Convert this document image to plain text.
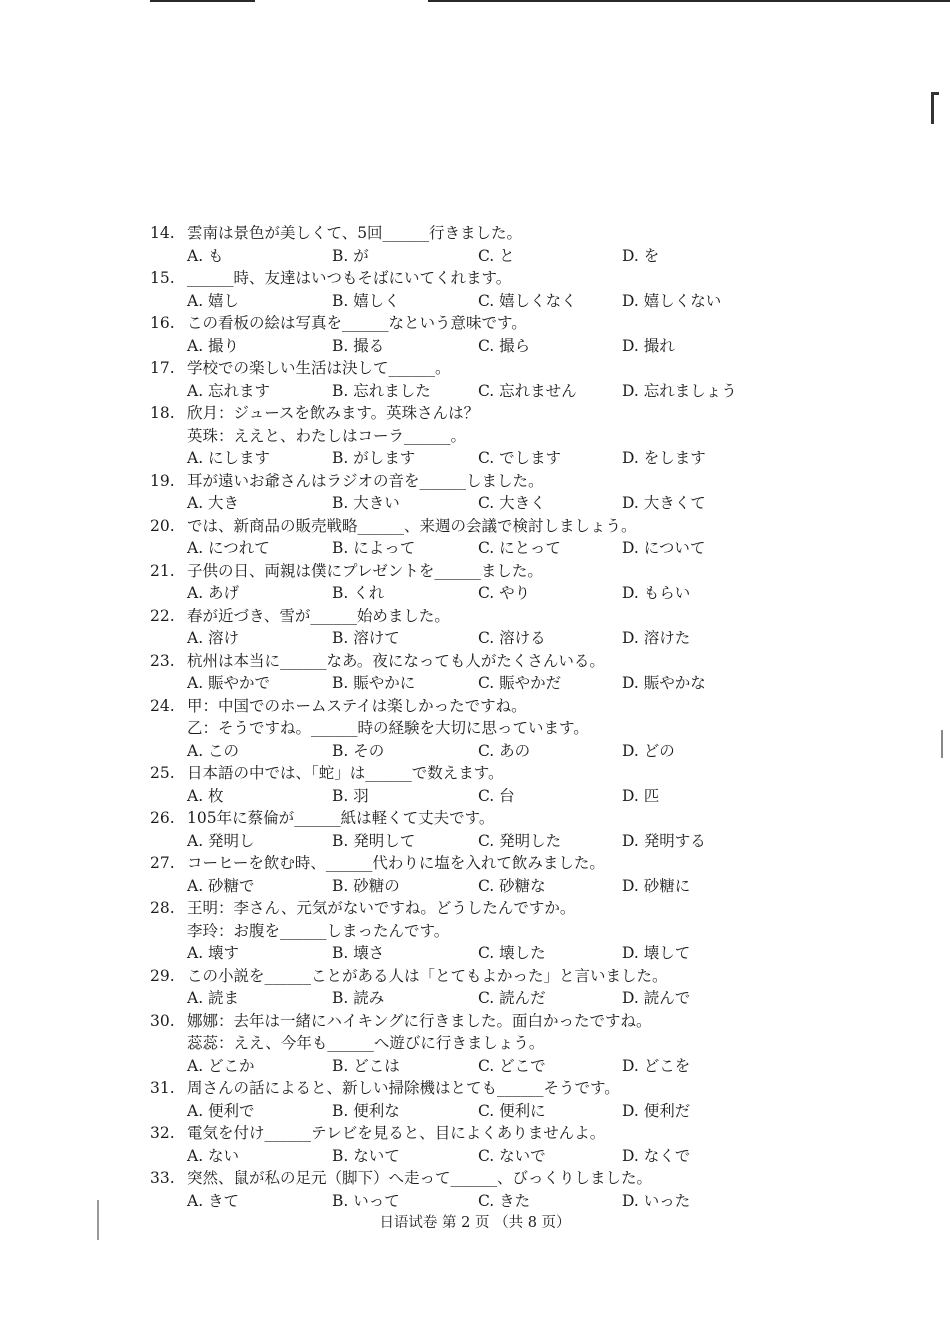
14. 雲南は景色が美しくて、5回______行きました。
A. も	B. が	C. と	D. を
15. ______時、友達はいつもそばにいてくれます。
A. 嬉し	B. 嬉しく	C. 嬉しくなく	D. 嬉しくない
16. この看板の絵は写真を______なという意味です。
A. 撮り	B. 撮る	C. 撮ら	D. 撮れ
17. 学校での楽しい生活は決して______。
A. 忘れます	B. 忘れました	C. 忘れません	D. 忘れましょう
18. 欣月：ジュースを飲みます。英珠さんは？
英珠：ええと、わたしはコーラ______。
A. にします	B. がします	C. でします	D. をします
19. 耳が遠いお爺さんはラジオの音を______しました。
A. 大き	B. 大きい	C. 大きく	D. 大きくて
20. では、新商品の販売戦略______、来週の会議で検討しましょう。
A. につれて	B. によって	C. にとって	D. について
21. 子供の日、両親は僕にプレゼントを______ました。
A. あげ	B. くれ	C. やり	D. もらい
22. 春が近づき、雪が______始めました。
A. 溶け	B. 溶けて	C. 溶ける	D. 溶けた
23. 杭州は本当に______なあ。夜になっても人がたくさんいる。
A. 賑やかで	B. 賑やかに	C. 賑やかだ	D. 賑やかな
24. 甲：中国でのホームステイは楽しかったですね。
乙：そうですね。______時の経験を大切に思っています。
A. この	B. その	C. あの	D. どの
25. 日本語の中では、「蛇」は______で数えます。
A. 枚	B. 羽	C. 台	D. 匹
26. 105年に蔡倫が______紙は軽くて丈夫です。
A. 発明し	B. 発明して	C. 発明した	D. 発明する
27. コーヒーを飲む時、______代わりに塩を入れて飲みました。
A. 砂糖で	B. 砂糖の	C. 砂糖な	D. 砂糖に
28. 王明：李さん、元気がないですね。どうしたんですか。
李玲：お腹を______しまったんです。
A. 壊す	B. 壊さ	C. 壊した	D. 壊して
29. この小説を______ことがある人は「とてもよかった」と言いました。
A. 読ま	B. 読み	C. 読んだ	D. 読んで
30. 娜娜：去年は一緒にハイキングに行きました。面白かったですね。
蕊蕊：ええ、今年も______へ遊びに行きましょう。
A. どこか	B. どこは	C. どこで	D. どこを
31. 周さんの話によると、新しい掃除機はとても______そうです。
A. 便利で	B. 便利な	C. 便利に	D. 便利だ
32. 電気を付け______テレビを見ると、目によくありませんよ。
A. ない	B. ないて	C. ないで	D. なくで
33. 突然、鼠が私の足元（脚下）へ走って______、びっくりしました。
A. きて	B. いって	C. きた	D. いった
日语试卷 第 2 页 （共 8 页）
